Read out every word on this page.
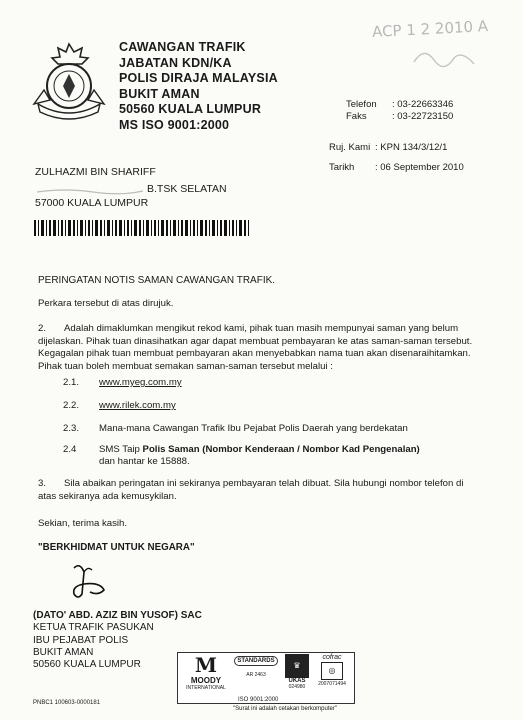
CAWANGAN TRAFIK
JABATAN KDN/KA
POLIS DIRAJA MALAYSIA
BUKIT AMAN
50560 KUALA LUMPUR
MS ISO 9001:2000
ACP 1 2 2010 A
Telefon : 03-22663346
Faks	: 03-22723150
Ruj. Kami : KPN 134/3/12/1
Tarikh : 06 September 2010
ZULHAZMI BIN SHARIFF
B.TSK SELATAN
57000 KUALA LUMPUR
PERINGATAN NOTIS SAMAN CAWANGAN TRAFIK.
Perkara tersebut di atas dirujuk.
2.	Adalah dimaklumkan mengikut rekod kami, pihak tuan masih mempunyai saman yang belum
dijelaskan. Pihak tuan dinasihatkan agar dapat membuat pembayaran ke atas saman-saman tersebut.
Kegagalan pihak tuan membuat pembayaran akan menyebabkan nama tuan akan disenaraihitamkan.
Pihak tuan boleh membuat semakan saman-saman tersebut melalui :
2.1. www.myeg.com.my
2.2. www.rilek.com.my
2.3. Mana-mana Cawangan Trafik Ibu Pejabat Polis Daerah yang berdekatan
2.4 SMS Taip Polis Saman (Nombor Kenderaan / Nombor Kad Pengenalan)
dan hantar ke 15888.
3.	Sila abaikan peringatan ini sekiranya pembayaran telah dibuat. Sila hubungi nombor telefon di
atas sekiranya ada kemusykilan.
Sekian, terima kasih.
"BERKHIDMAT UNTUK NEGARA"
(DATO' ABD. AZIZ BIN YUSOF) SAC
KETUA TRAFIK PASUKAN
IBU PEJABAT POLIS
BUKIT AMAN
50560 KUALA LUMPUR	M
MOODY
INTERNATIONAL
STANDARDS
AR 2463
♛
UKAS
024980
cofrac
◎
2007071494
ISO 9001:2000
PNBC1 100603-0000181
"Surat ini adalah cetakan berkomputer"
